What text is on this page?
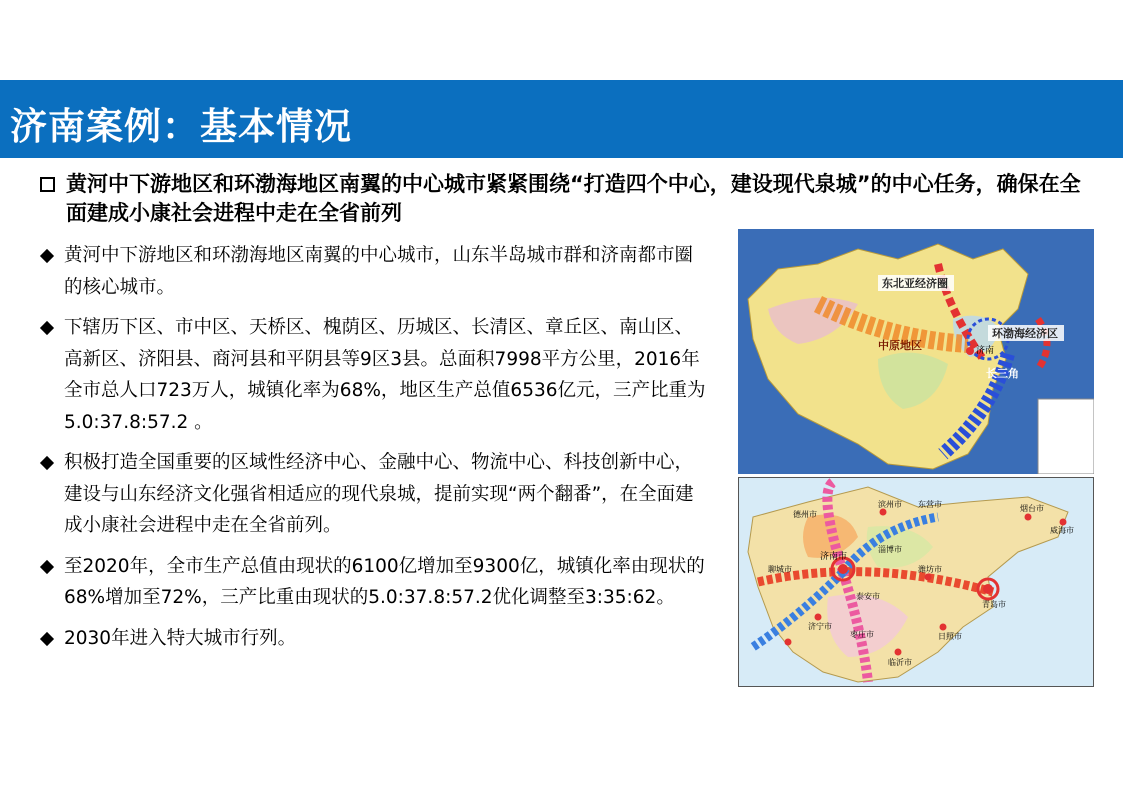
济南案例：基本情况
黄河中下游地区和环渤海地区南翼的中心城市紧紧围绕“打造四个中心，建设现代泉城”的中心任务，确保在全面建成小康社会进程中走在全省前列
黄河中下游地区和环渤海地区南翼的中心城市，山东半岛城市群和济南都市圈的核心城市。
下辖历下区、市中区、天桥区、槐荫区、历城区、长清区、章丘区、南山区、高新区、济阳县、商河县和平阴县等9区3县。总面积7998平方公里，2016年全市总人口723万人，城镇化率为68%，地区生产总值6536亿元，三产比重为5.0:37.8:57.2 。
积极打造全国重要的区域性经济中心、金融中心、物流中心、科技创新中心，建设与山东经济文化强省相适应的现代泉城，提前实现“两个翻番”，在全面建成小康社会进程中走在全省前列。
至2020年，全市生产总值由现状的6100亿增加至9300亿，城镇化率由现状的68%增加至72%，三产比重由现状的5.0:37.8:57.2优化调整至3:35:62。
2030年进入特大城市行列。
东北亚经济圈
环渤海经济区
中原地区	济南
长三角
济南市
滨州市 东营市	烟台市
威海市
潍坊市
青岛市
日照市
临沂市
泰安市
济宁市
枣庄市
聊城市
德州市
淄博市
